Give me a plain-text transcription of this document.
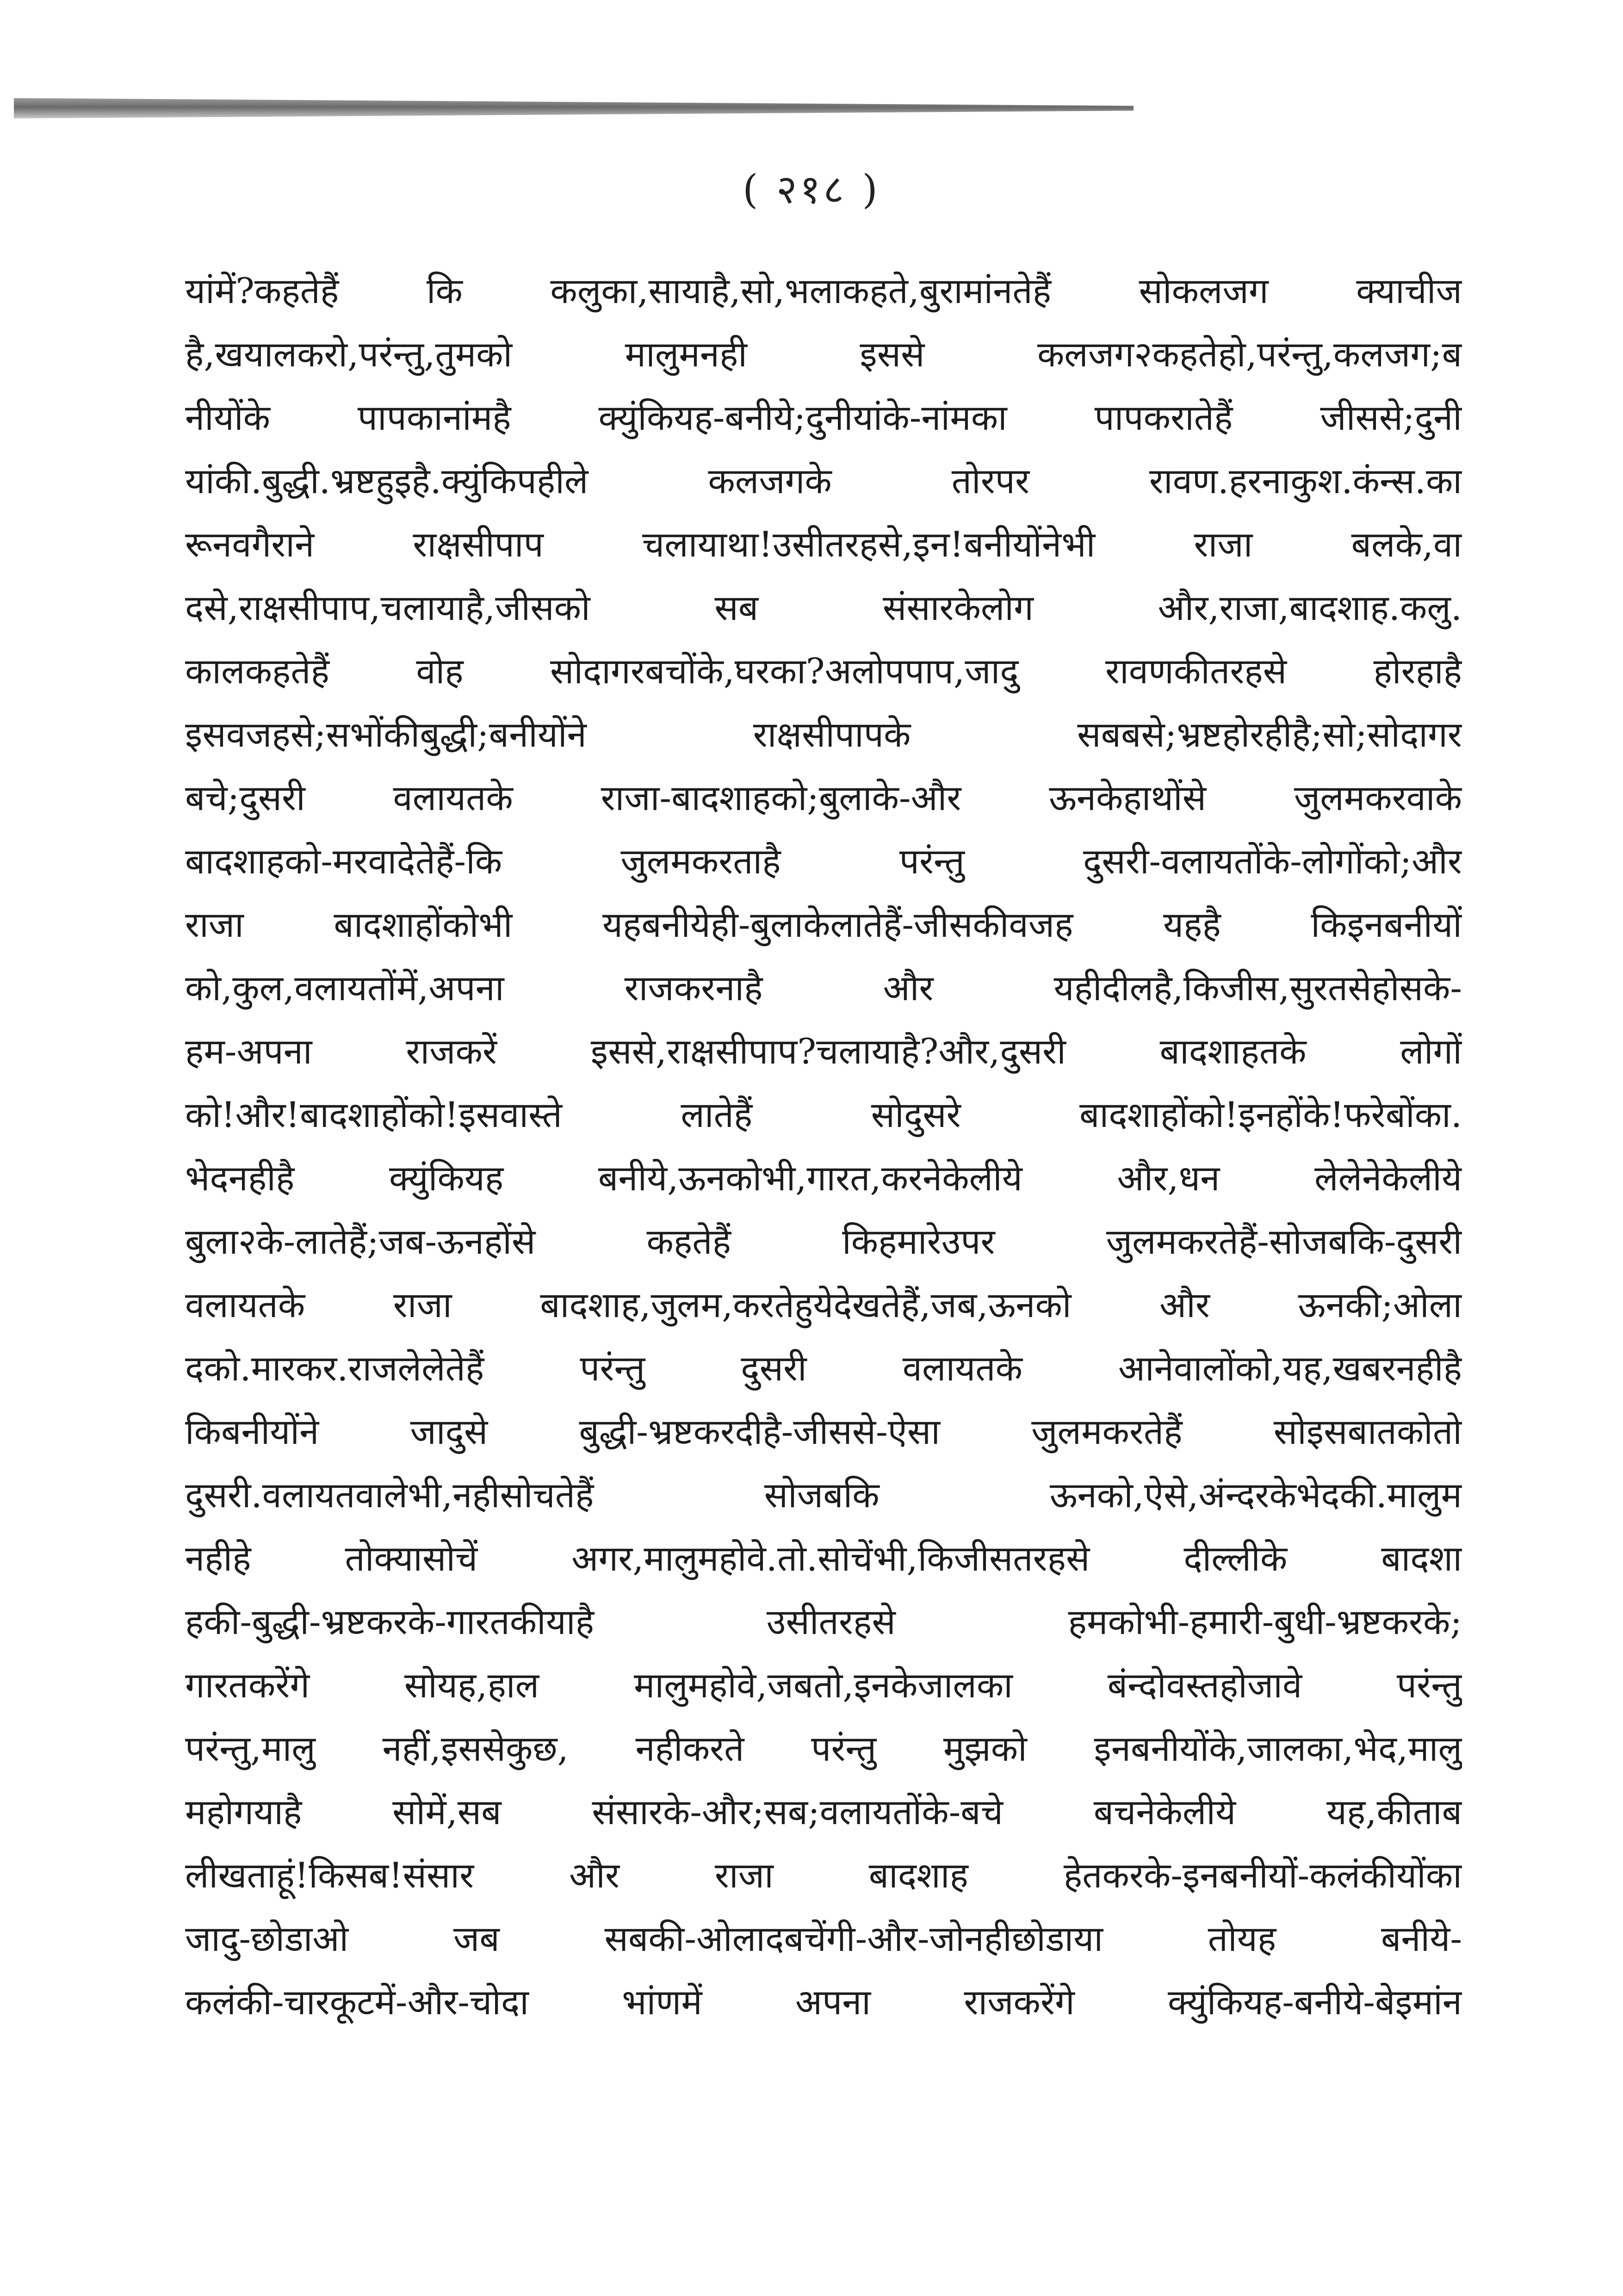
( २१८ )
यांमें?कहतेहैं कि कलुका,सायाहै,सो,भलाकहते,बुरामांनतेहैं सोकलजग क्याचीज
है,खयालकरो,परंन्तु,तुमको मालुमनही इससे कलजग२कहतेहो,परंन्तु,कलजग;ब
नीयोंके पापकानांमहै क्युंकियह-बनीये;दुनीयांके-नांमका पापकरातेहैं जीससे;दुनी
यांकी.बुद्धी.भ्रष्टहुइहै.क्युंकिपहीले कलजगके तोरपर रावण.हरनाकुश.कंन्स.का
रूनवगैराने राक्षसीपाप चलायाथा!उसीतरहसे,इन!बनीयोंनेभी राजा बलके,वा
दसे,राक्षसीपाप,चलायाहै,जीसको सब संसारकेलोग और,राजा,बादशाह.कलु.
कालकहतेहैं वोह सोदागरबचोंके,घरका?अलोपपाप,जादु रावणकीतरहसे होरहाहै
इसवजहसे;सभोंकीबुद्धी;बनीयोंने राक्षसीपापके सबबसे;भ्रष्टहोरहीहै;सो;सोदागर
बचे;दुसरी वलायतके राजा-बादशाहको;बुलाके-और ऊनकेहाथोंसे जुलमकरवाके
बादशाहको-मरवादेतेहैं-कि जुलमकरताहै परंन्तु दुसरी-वलायतोंके-लोगोंको;और
राजा बादशाहोंकोभी यहबनीयेही-बुलाकेलातेहैं-जीसकीवजह यहहै किइनबनीयों
को,कुल,वलायतोंमें,अपना राजकरनाहै और यहीदीलहै,किजीस,सुरतसेहोसके-
हम-अपना राजकरें इससे,राक्षसीपाप?चलायाहै?और,दुसरी बादशाहतके लोगों
को!और!बादशाहोंको!इसवास्ते लातेहैं सोदुसरे बादशाहोंको!इनहोंके!फरेबोंका.
भेदनहीहै क्युंकियह बनीये,ऊनकोभी,गारत,करनेकेलीये और,धन लेलेनेकेलीये
बुला२के-लातेहैं;जब-ऊनहोंसे कहतेहैं किहमारेउपर जुलमकरतेहैं-सोजबकि-दुसरी
वलायतके राजा बादशाह,जुलम,करतेहुयेदेखतेहैं,जब,ऊनको और ऊनकी;ओला
दको.मारकर.राजलेलेतेहैं परंन्तु दुसरी वलायतके आनेवालोंको,यह,खबरनहीहै
किबनीयोंने जादुसे बुद्धी-भ्रष्टकरदीहै-जीससे-ऐसा जुलमकरतेहैं सोइसबातकोतो
दुसरी.वलायतवालेभी,नहीसोचतेहैं सोजबकि ऊनको,ऐसे,अंन्दरकेभेदकी.मालुम
नहीहे तोक्यासोचें अगर,मालुमहोवे.तो.सोचेंभी,किजीसतरहसे दील्लीके बादशा
हकी-बुद्धी-भ्रष्टकरके-गारतकीयाहै उसीतरहसे हमकोभी-हमारी-बुधी-भ्रष्टकरके;
गारतकरेंगे सोयह,हाल मालुमहोवे,जबतो,इनकेजालका बंन्दोवस्तहोजावे परंन्तु
परंन्तु,मालु नहीं,इससेकुछ, नहीकरते परंन्तु मुझको इनबनीयोंके,जालका,भेद,मालु
महोगयाहै सोमें,सब संसारके-और;सब;वलायतोंके-बचे बचनेकेलीये यह,कीताब
लीखताहूं!किसब!संसार और राजा बादशाह हेतकरके-इनबनीयों-कलंकीयोंका
जादु-छोडाओ जब सबकी-ओलादबचेंगी-और-जोनहीछोडाया तोयह बनीये-
कलंकी-चारकूटमें-और-चोदा भांणमें अपना राजकरेंगे क्युंकियह-बनीये-बेइमांन
